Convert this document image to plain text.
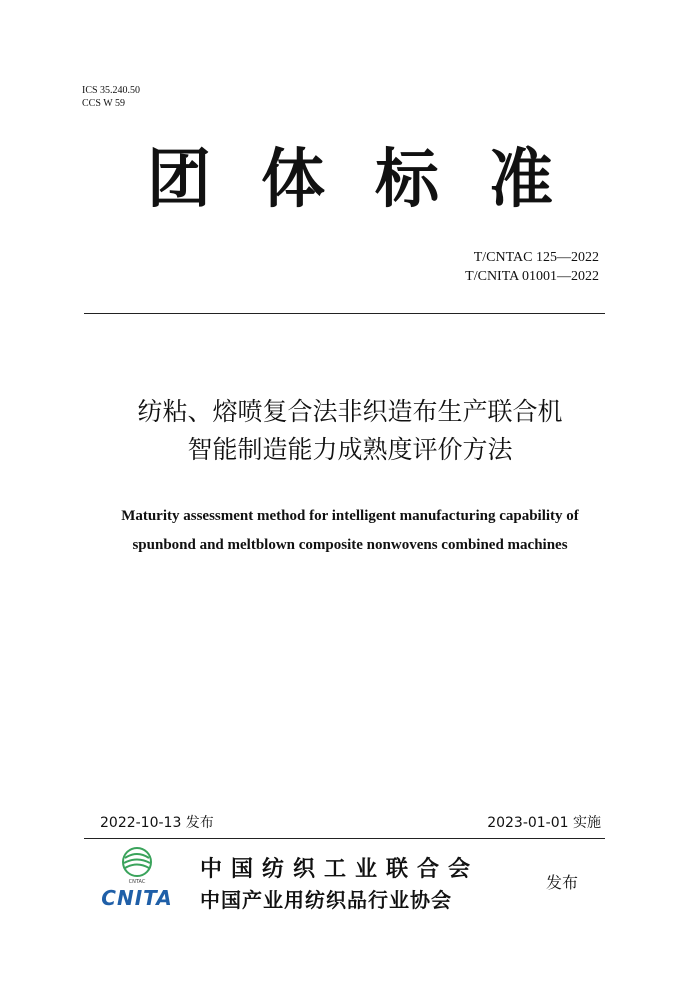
ICS 35.240.50
CCS W 59
团体标准
T/CNTAC 125—2022
T/CNITA 01001—2022
纺粘、熔喷复合法非织造布生产联合机
智能制造能力成熟度评价方法
Maturity assessment method for intelligent manufacturing capability of
spunbond and meltblown composite nonwovens combined machines
2022-10-13 发布	2023-01-01 实施
CNTAC
CNITA
中国纺织工业联合会
中国产业用纺织品行业协会
发布
